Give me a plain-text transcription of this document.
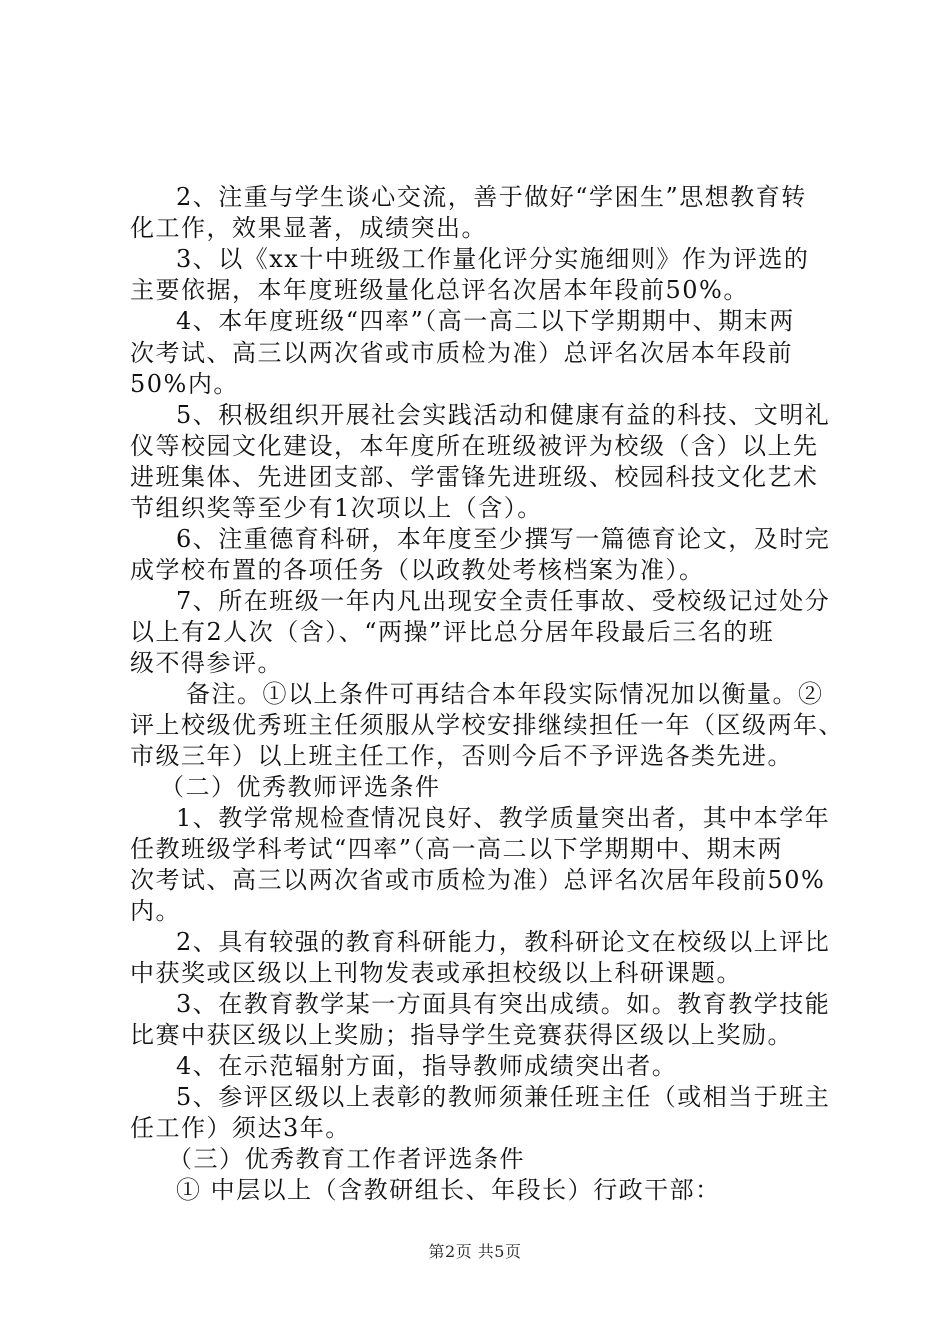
2、注重与学生谈心交流，善于做好“学困生”思想教育转
化工作，效果显著，成绩突出。
3、以《xx十中班级工作量化评分实施细则》作为评选的
主要依据，本年度班级量化总评名次居本年段前50%。
4、本年度班级“四率”（高一高二以下学期期中、期末两
次考试、高三以两次省或市质检为准）总评名次居本年段前
50%内。
5、积极组织开展社会实践活动和健康有益的科技、文明礼
仪等校园文化建设，本年度所在班级被评为校级（含）以上先
进班集体、先进团支部、学雷锋先进班级、校园科技文化艺术
节组织奖等至少有1次项以上（含）。
6、注重德育科研，本年度至少撰写一篇德育论文，及时完
成学校布置的各项任务（以政教处考核档案为准）。
7、所在班级一年内凡出现安全责任事故、受校级记过处分
以上有2人次（含）、“两操”评比总分居年段最后三名的班
级不得参评。
备注。①以上条件可再结合本年段实际情况加以衡量。②
评上校级优秀班主任须服从学校安排继续担任一年（区级两年、
市级三年）以上班主任工作，否则今后不予评选各类先进。
（二）优秀教师评选条件
1、教学常规检查情况良好、教学质量突出者，其中本学年
任教班级学科考试“四率”（高一高二以下学期期中、期末两
次考试、高三以两次省或市质检为准）总评名次居年段前50%
内。
2、具有较强的教育科研能力，教科研论文在校级以上评比
中获奖或区级以上刊物发表或承担校级以上科研课题。
3、在教育教学某一方面具有突出成绩。如。教育教学技能
比赛中获区级以上奖励；指导学生竞赛获得区级以上奖励。
4、在示范辐射方面，指导教师成绩突出者。
5、参评区级以上表彰的教师须兼任班主任（或相当于班主
任工作）须达3年。
（三）优秀教育工作者评选条件
① 中层以上（含教研组长、年段长）行政干部：
第2页 共5页
